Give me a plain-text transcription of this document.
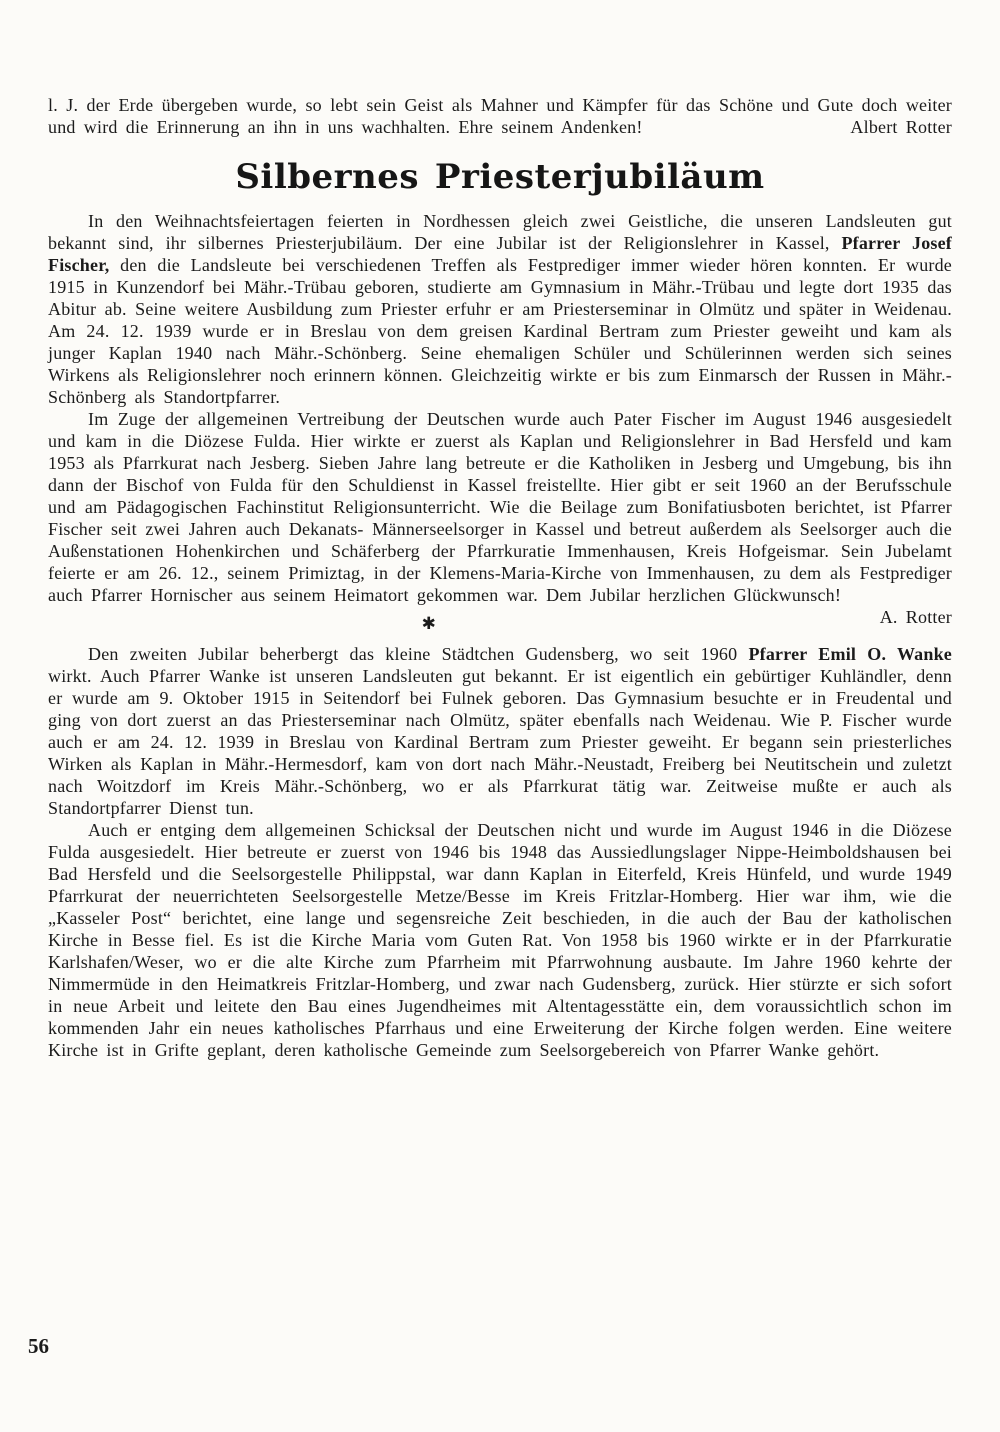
l. J. der Erde übergeben wurde, so lebt sein Geist als Mahner und Kämpfer für das Schöne und Gute doch weiter und wird die Erinnerung an ihn in uns wachhalten. Ehre seinem Andenken!	Albert Rotter

Silbernes Priesterjubiläum

In den Weihnachtsfeiertagen feierten in Nordhessen gleich zwei Geistliche, die unseren Landsleuten gut bekannt sind, ihr silbernes Priesterjubiläum. Der eine Jubilar ist der Religionslehrer in Kassel, Pfarrer Josef Fischer, den die Landsleute bei verschiedenen Treffen als Festprediger immer wieder hören konnten. Er wurde 1915 in Kunzendorf bei Mähr.-Trübau geboren, studierte am Gymnasium in Mähr.-Trübau und legte dort 1935 das Abitur ab. Seine weitere Ausbildung zum Priester erfuhr er am Priesterseminar in Olmütz und später in Weidenau. Am 24. 12. 1939 wurde er in Breslau von dem greisen Kardinal Bertram zum Priester geweiht und kam als junger Kaplan 1940 nach Mähr.-Schönberg. Seine ehemaligen Schüler und Schülerinnen werden sich seines Wirkens als Religionslehrer noch erinnern können. Gleichzeitig wirkte er bis zum Einmarsch der Russen in Mähr.-Schönberg als Standortpfarrer.

Im Zuge der allgemeinen Vertreibung der Deutschen wurde auch Pater Fischer im August 1946 ausgesiedelt und kam in die Diözese Fulda. Hier wirkte er zuerst als Kaplan und Religionslehrer in Bad Hersfeld und kam 1953 als Pfarrkurat nach Jesberg. Sieben Jahre lang betreute er die Katholiken in Jesberg und Umgebung, bis ihn dann der Bischof von Fulda für den Schuldienst in Kassel freistellte. Hier gibt er seit 1960 an der Berufsschule und am Pädagogischen Fachinstitut Religionsunterricht. Wie die Beilage zum Bonifatiusboten berichtet, ist Pfarrer Fischer seit zwei Jahren auch Dekanats- Männerseelsorger in Kassel und betreut außerdem als Seelsorger auch die Außenstationen Hohenkirchen und Schäferberg der Pfarrkuratie Immenhausen, Kreis Hofgeismar. Sein Jubelamt feierte er am 26. 12., seinem Primiztag, in der Klemens-Maria-Kirche von Immenhausen, zu dem als Festprediger auch Pfarrer Hornischer aus seinem Heimatort gekommen war. Dem Jubilar herzlichen Glückwunsch!
A. Rotter

✱

Den zweiten Jubilar beherbergt das kleine Städtchen Gudensberg, wo seit 1960 Pfarrer Emil O. Wanke wirkt. Auch Pfarrer Wanke ist unseren Landsleuten gut bekannt. Er ist eigentlich ein gebürtiger Kuhländler, denn er wurde am 9. Oktober 1915 in Seitendorf bei Fulnek geboren. Das Gymnasium besuchte er in Freudental und ging von dort zuerst an das Priesterseminar nach Olmütz, später ebenfalls nach Weidenau. Wie P. Fischer wurde auch er am 24. 12. 1939 in Breslau von Kardinal Bertram zum Priester geweiht. Er begann sein priesterliches Wirken als Kaplan in Mähr.-Hermesdorf, kam von dort nach Mähr.-Neustadt, Freiberg bei Neutitschein und zuletzt nach Woitzdorf im Kreis Mähr.-Schönberg, wo er als Pfarrkurat tätig war. Zeitweise mußte er auch als Standortpfarrer Dienst tun.

Auch er entging dem allgemeinen Schicksal der Deutschen nicht und wurde im August 1946 in die Diözese Fulda ausgesiedelt. Hier betreute er zuerst von 1946 bis 1948 das Aussiedlungslager Nippe-Heimboldshausen bei Bad Hersfeld und die Seelsorgestelle Philippstal, war dann Kaplan in Eiterfeld, Kreis Hünfeld, und wurde 1949 Pfarrkurat der neuerrichteten Seelsorgestelle Metze/Besse im Kreis Fritzlar-Homberg. Hier war ihm, wie die „Kasseler Post“ berichtet, eine lange und segensreiche Zeit beschieden, in die auch der Bau der katholischen Kirche in Besse fiel. Es ist die Kirche Maria vom Guten Rat. Von 1958 bis 1960 wirkte er in der Pfarrkuratie Karlshafen/Weser, wo er die alte Kirche zum Pfarrheim mit Pfarrwohnung ausbaute. Im Jahre 1960 kehrte der Nimmermüde in den Heimatkreis Fritzlar-Homberg, und zwar nach Gudensberg, zurück. Hier stürzte er sich sofort in neue Arbeit und leitete den Bau eines Jugendheimes mit Altentagesstätte ein, dem voraussichtlich schon im kommenden Jahr ein neues katholisches Pfarrhaus und eine Erweiterung der Kirche folgen werden. Eine weitere Kirche ist in Grifte geplant, deren katholische Gemeinde zum Seelsorgebereich von Pfarrer Wanke gehört.

56
